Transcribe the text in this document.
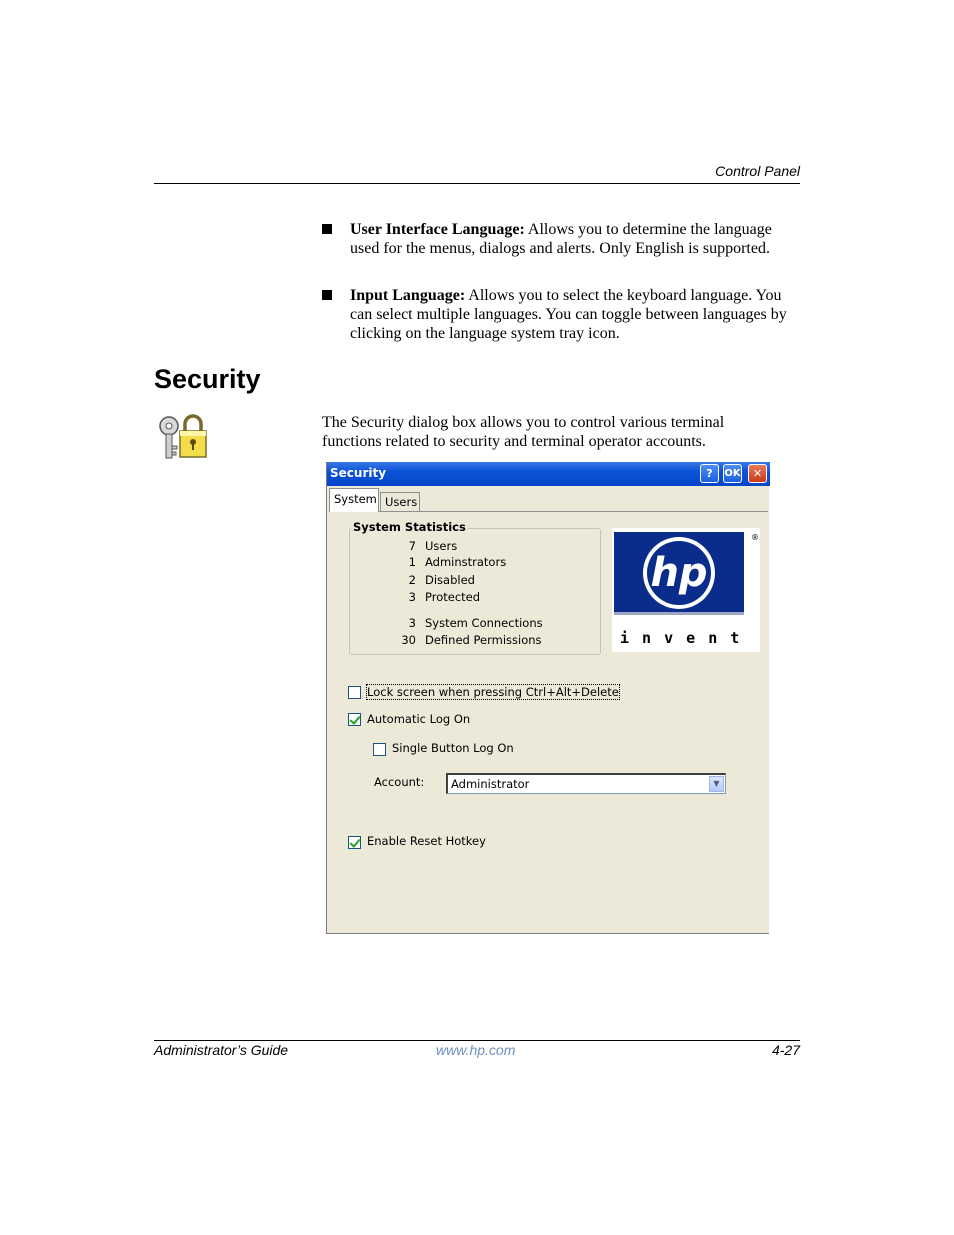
Control Panel
User Interface Language: Allows you to determine the language used for the menus, dialogs and alerts. Only English is supported.
Input Language: Allows you to select the keyboard language. You can select multiple languages. You can toggle between languages by clicking on the language system tray icon.
Security
The Security dialog box allows you to control various terminal functions related to security and terminal operator accounts.
Security	?	OK	✕
System Users
System Statistics
7 Users
1 Adminstrators
2 Disabled
3 Protected
3 System Connections
30 Defined Permissions
hp
®
i n v e n t
Lock screen when pressing Ctrl+Alt+Delete
Automatic Log On
Single Button Log On
Account: Administrator	▼
Enable Reset Hotkey
Administrator’s Guide	www.hp.com	4-27
